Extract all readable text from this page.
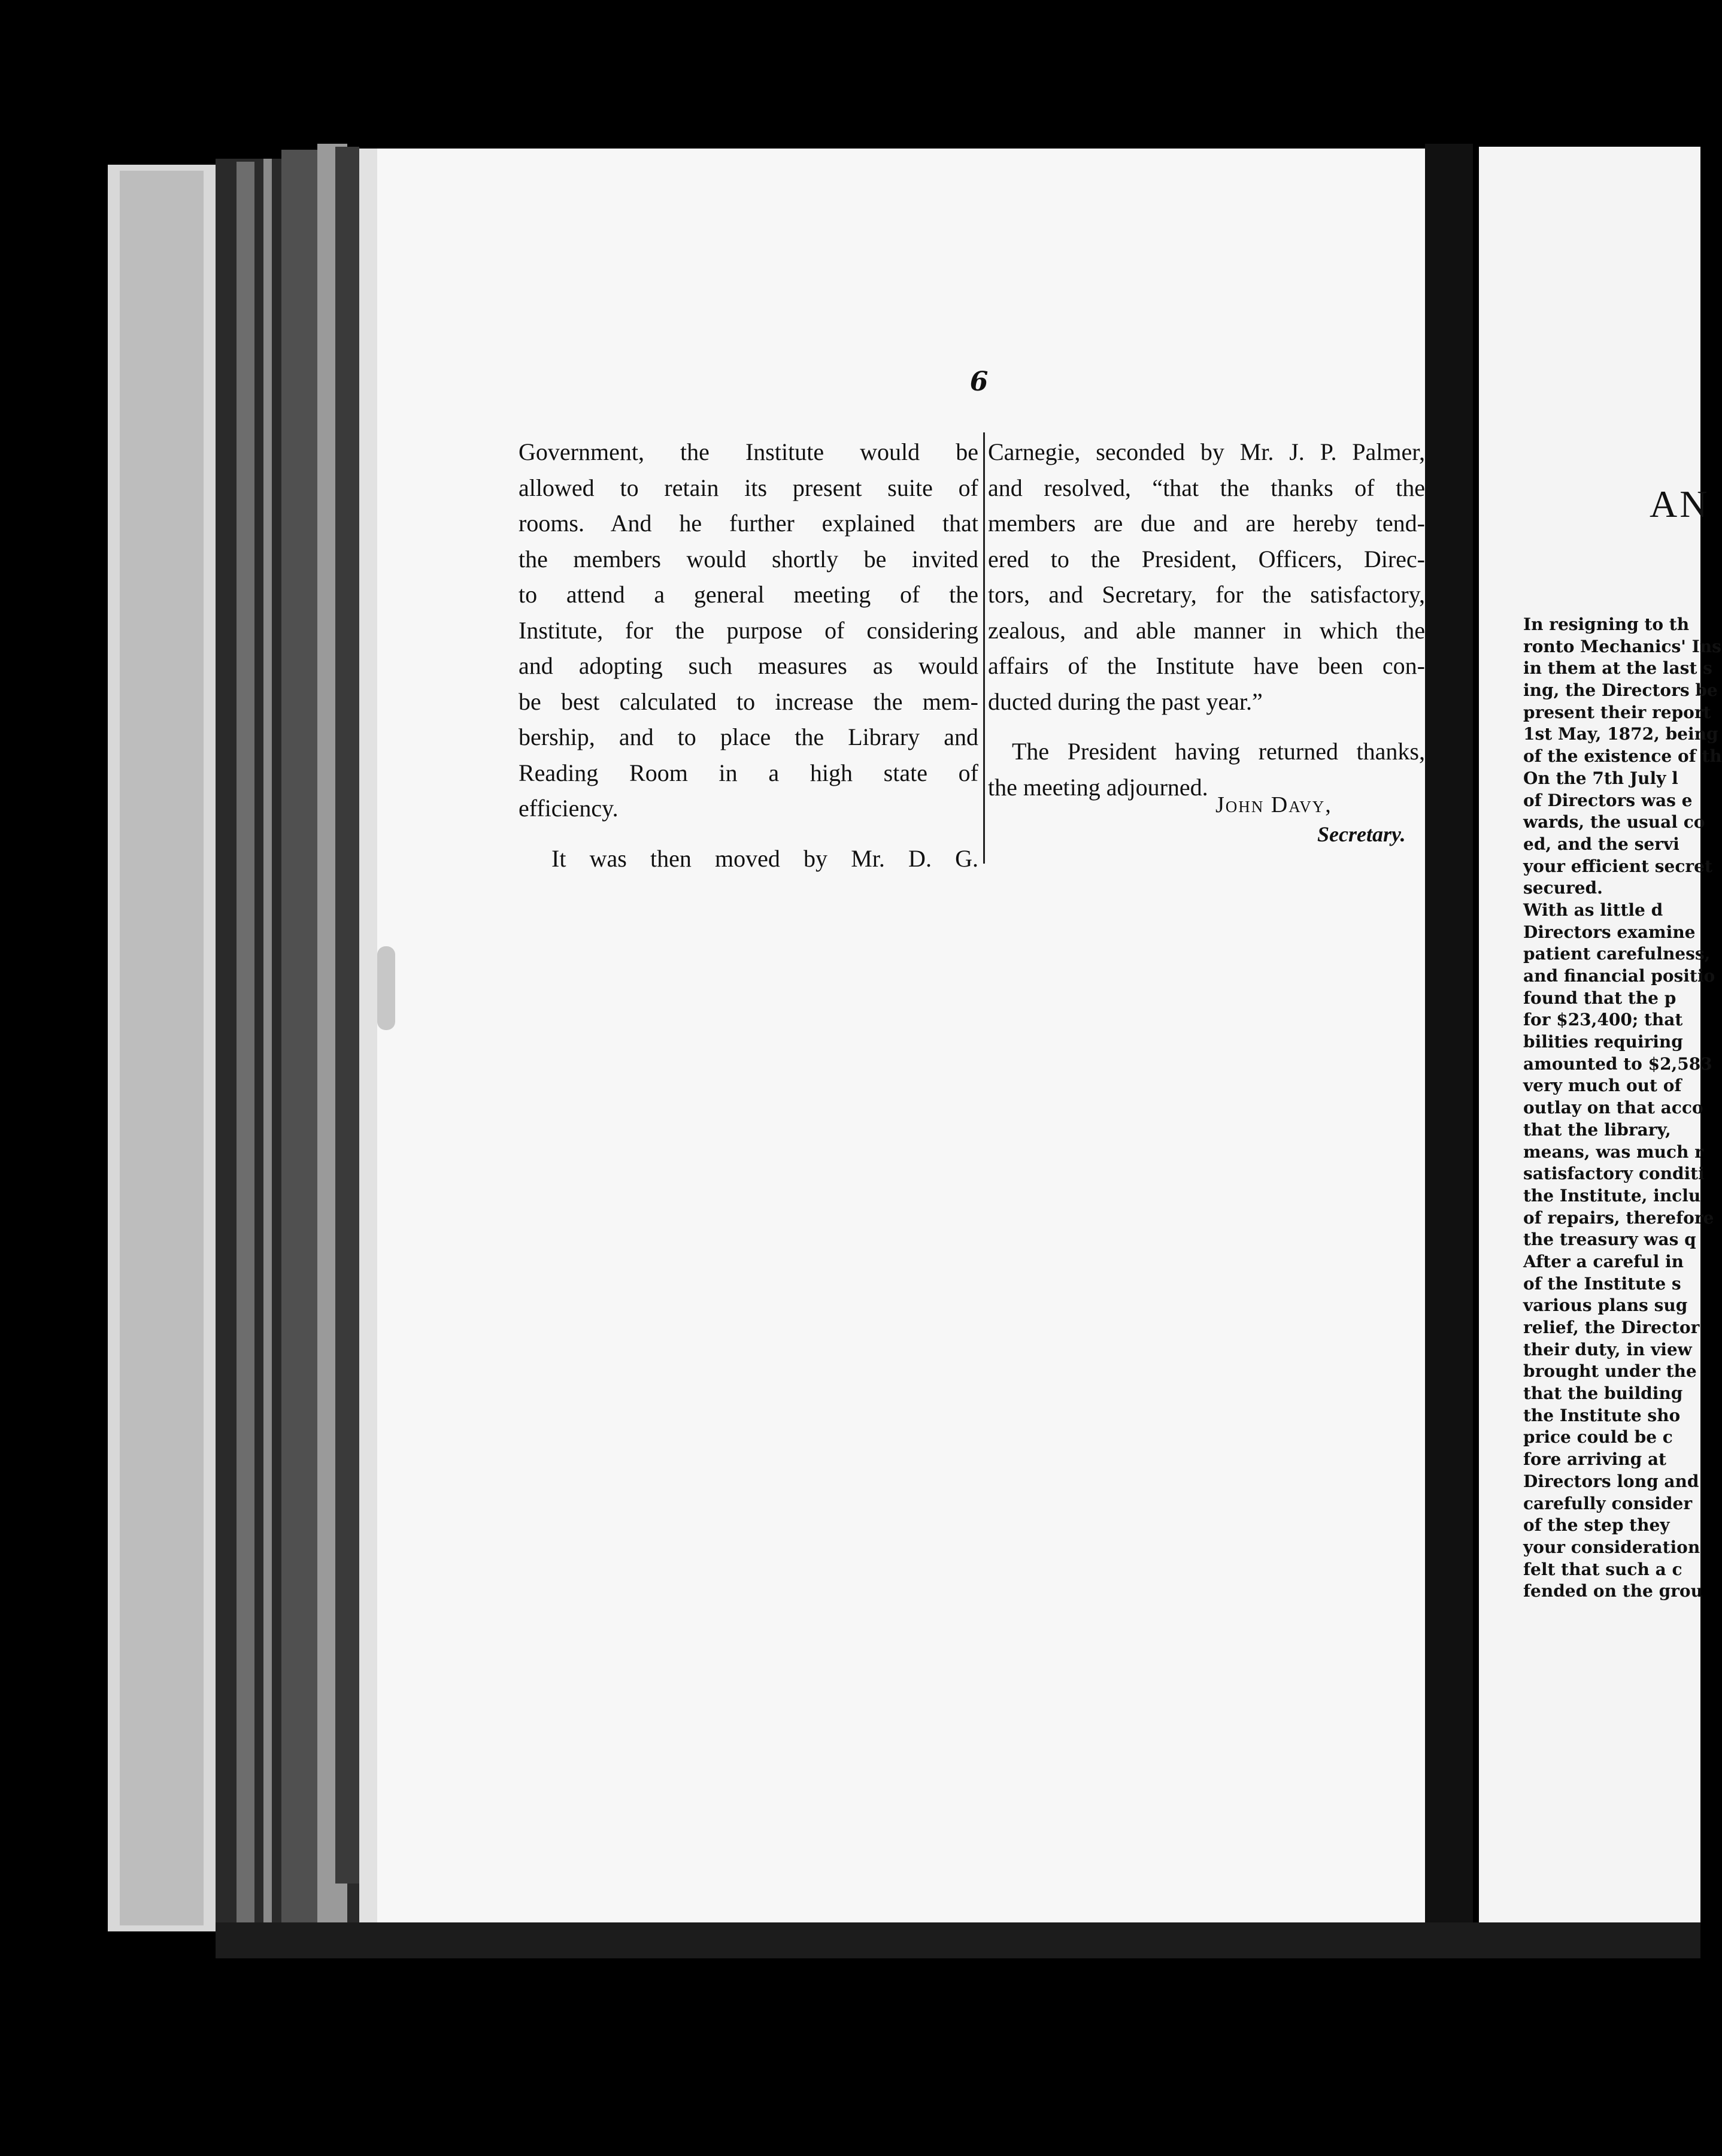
6

Government, the Institute would be
allowed to retain its present suite of
rooms. And he further explained that
the members would shortly be invited
to attend a general meeting of the
Institute, for the purpose of considering
and adopting such measures as would
be best calculated to increase the mem-
bership, and to place the Library and
Reading Room in a high state of
efficiency.

It was then moved by Mr. D. G.

Carnegie, seconded by Mr. J. P. Palmer,
and resolved, “that the thanks of the
members are due and are hereby tend-
ered to the President, Officers, Direc-
tors, and Secretary, for the satisfactory,
zealous, and able manner in which the
affairs of the Institute have been con-
ducted during the past year.”

The President having returned thanks,
the meeting adjourned.

John Davy,
Secretary.
AN
In resigning to th
ronto Mechanics' Ins
in them at the last s
ing, the Directors be
present their report
1st May, 1872, being
of the existence of th
On the 7th July l
of Directors was e
wards, the usual co
ed, and the servi
your efficient secret
secured.
With as little d
Directors examine
patient carefulness,
and financial positio
found that the p
for $23,400; that
bilities requiring
amounted to $2,583
very much out of
outlay on that acco
that the library,
means, was much r
satisfactory conditi
the Institute, inclu
of repairs, therefore
the treasury was q
After a careful in
of the Institute s
various plans sug
relief, the Director
their duty, in view
brought under the
that the building
the Institute sho
price could be c
fore arriving at
Directors long and
carefully consider
of the step they
your consideration
felt that such a c
fended on the grou
